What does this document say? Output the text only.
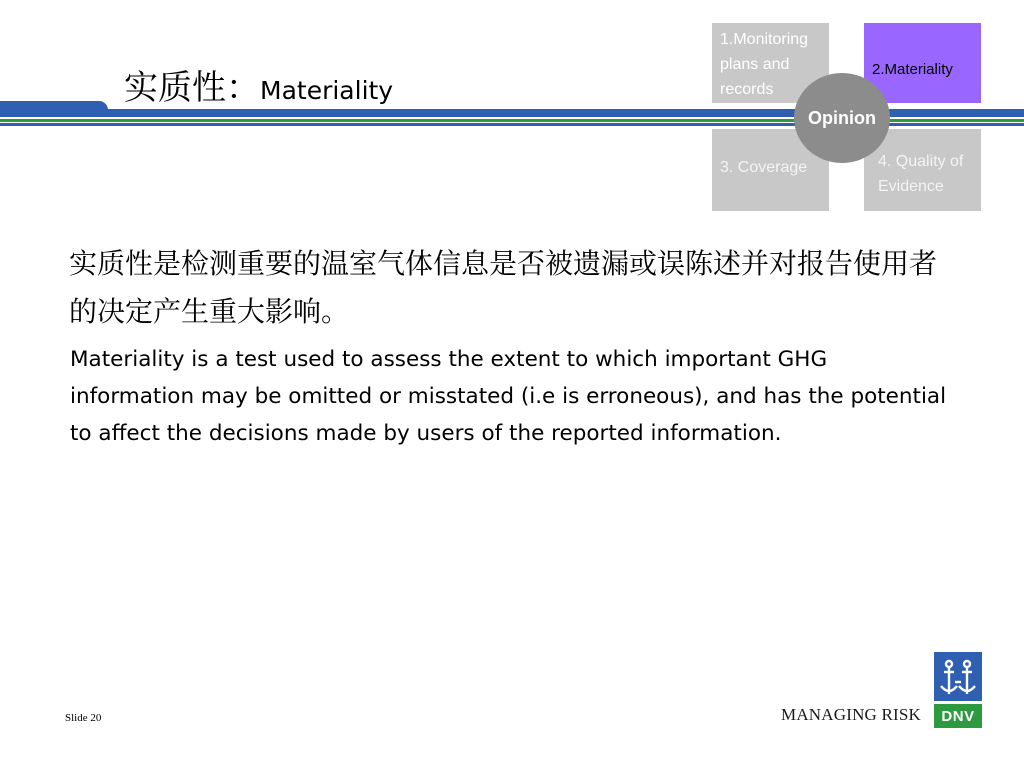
实质性：Materiality
1.Monitoring
plans and
records
2.Materiality
3. Coverage	4. Quality of
Evidence
Opinion
实质性是检测重要的温室气体信息是否被遗漏或误陈述并对报告使用者的决定产生重大影响。
Materiality is a test used to assess the extent to which important GHG information may be omitted or misstated (i.e is erroneous), and has the potential to affect the decisions made by users of the reported information.
Slide 20	MANAGING RISK DNV
